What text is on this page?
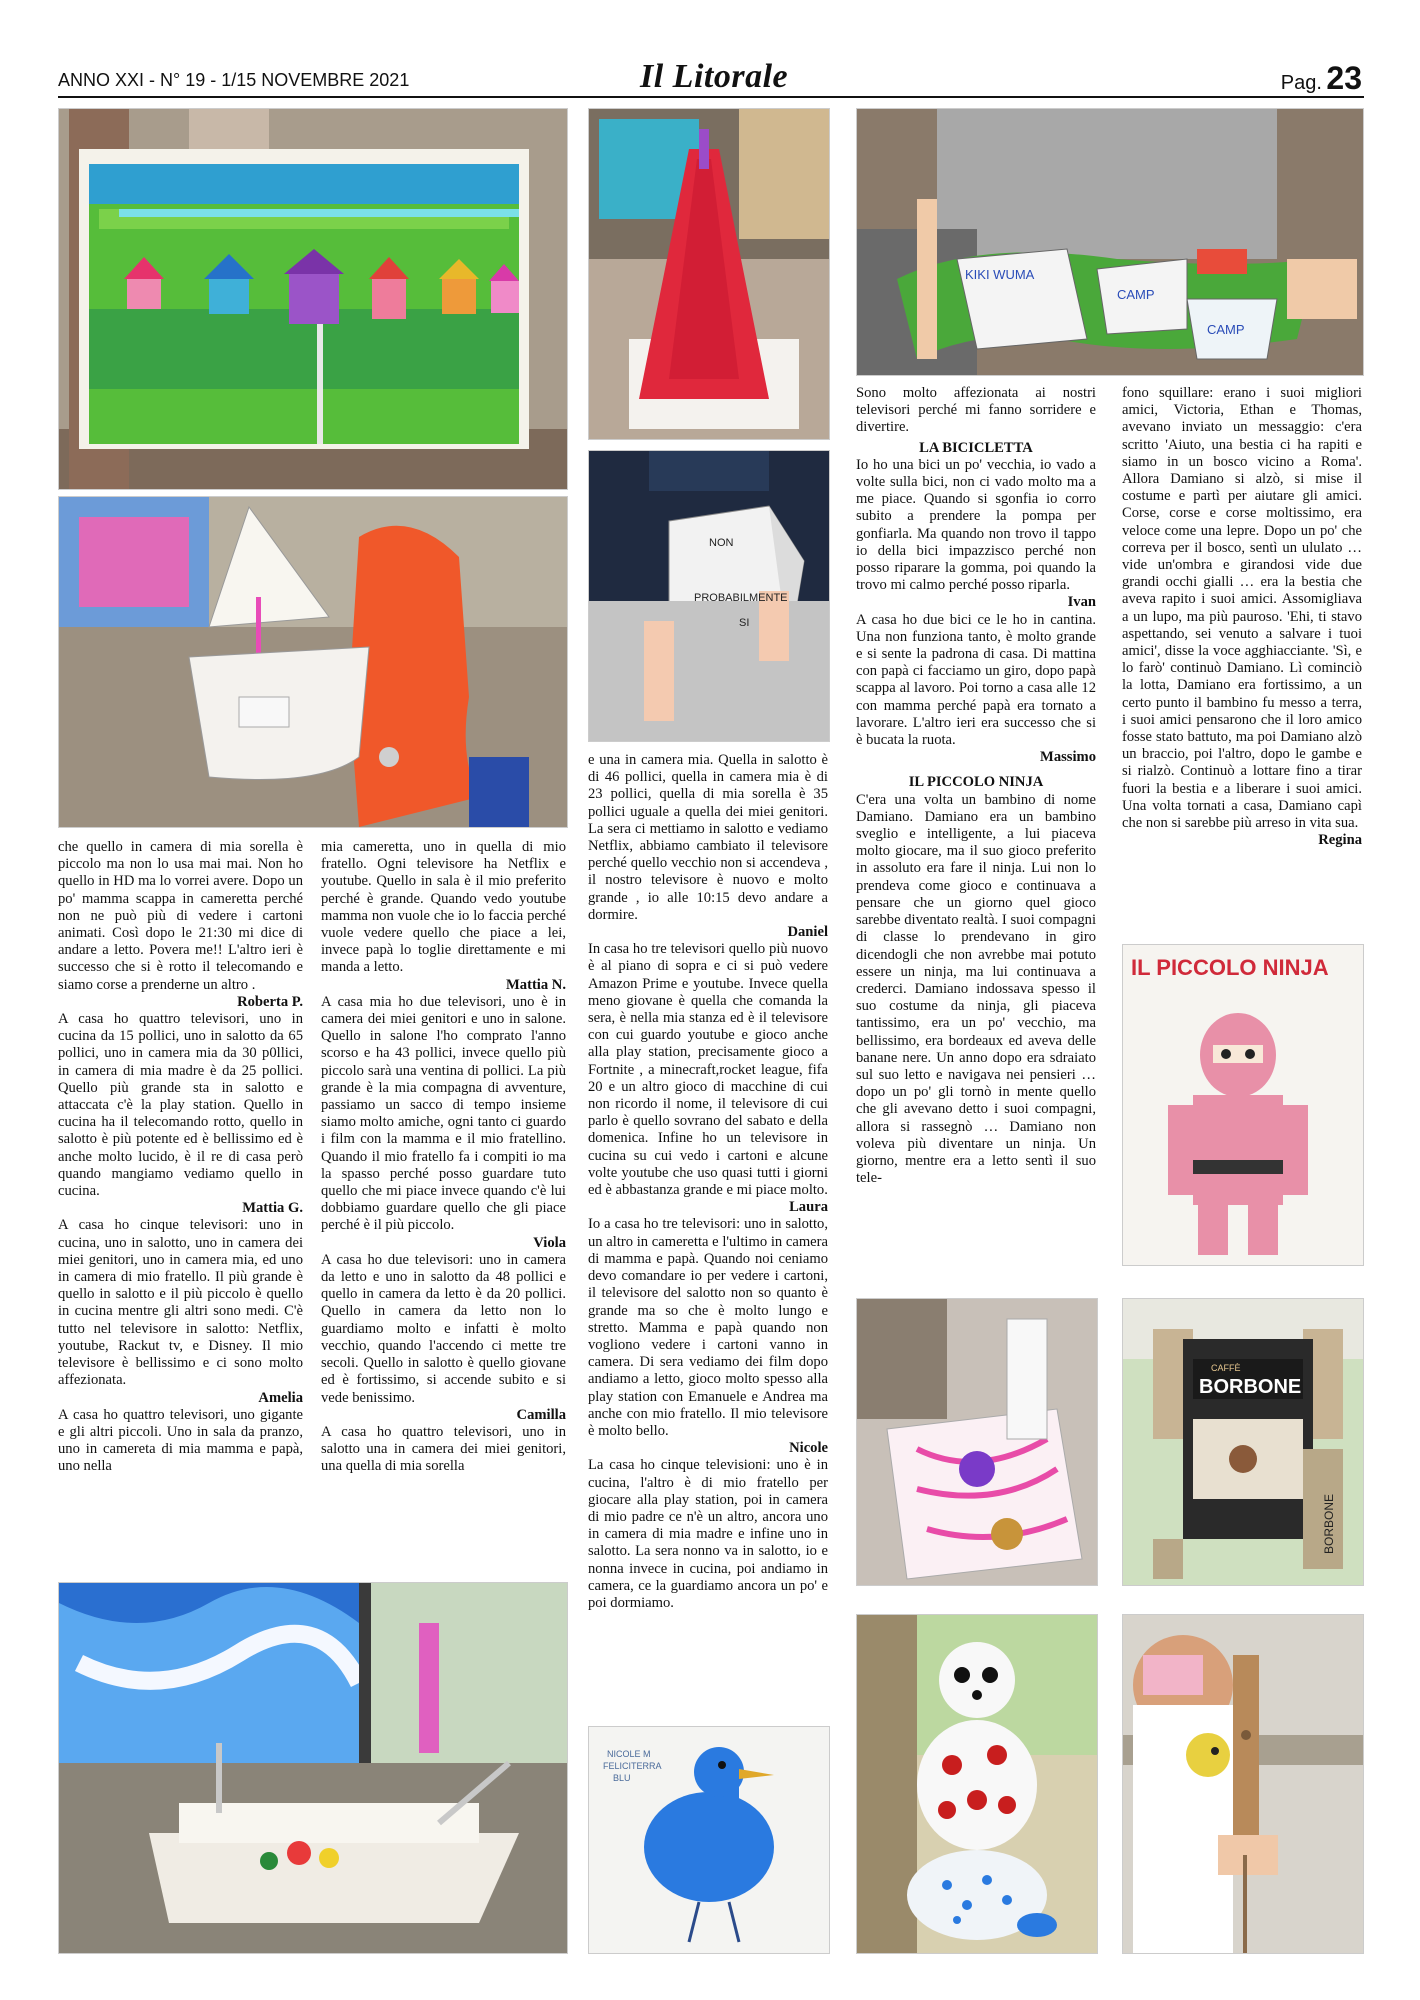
ANNO XXI - N° 19 - 1/15 NOVEMBRE 2021	Il Litorale	Pag. 23
NON
PROBABILMENTE
SI
KIKI WUMA
CAMP
CAMP
IL PICCOLO NINJA
CAFFÈ
BORBONE
BORBONE
NICOLE M
FELICITERRA
BLU

che quello in camera di mia sorella è piccolo ma non lo usa mai mai. Non ho quello in HD ma lo vorrei avere. Dopo un po' mamma scappa in cameretta perché non ne può più di vedere i cartoni animati. Così dopo le 21:30 mi dice di andare a letto. Povera me!! L'altro ieri è successo che si è rotto il telecomando e siamo corse a prenderne un altro .

Roberta P.

A casa ho quattro televisori, uno in cucina da 15 pollici, uno in salotto da 65 pollici, uno in camera mia da 30 p0llici, in camera di mia madre è da 25 pollici. Quello più grande sta in salotto e attaccata c'è la play station. Quello in cucina ha il telecomando rotto, quello in salotto è più potente ed è bellissimo ed è anche molto lucido, è il re di casa però quando mangiamo vediamo quello in cucina.

Mattia G.

A casa ho cinque televisori: uno in cucina, uno in salotto, uno in camera dei miei genitori, uno in camera mia, ed uno in camera di mio fratello. Il più grande è quello in salotto e il più piccolo è quello in cucina mentre gli altri sono medi. C'è tutto nel televisore in salotto: Netflix, youtube, Rackut tv, e Disney. Il mio televisore è bellissimo e ci sono molto affezionata.

Amelia

A casa ho quattro televisori, uno gigante e gli altri piccoli. Uno in sala da pranzo, uno in camereta di mia mamma e papà, uno nella

mia cameretta, uno in quella di mio fratello. Ogni televisore ha Netflix e youtube. Quello in sala è il mio preferito perché è grande. Quando vedo youtube mamma non vuole che io lo faccia perché vuole vedere quello che piace a lei, invece papà lo toglie direttamente e mi manda a letto.

Mattia N.

A casa mia ho due televisori, uno è in camera dei miei genitori e uno in salone. Quello in salone l'ho comprato l'anno scorso e ha 43 pollici, invece quello più piccolo sarà una ventina di pollici. La più grande è la mia compagna di avventure, passiamo un sacco di tempo insieme siamo molto amiche, ogni tanto ci guardo i film con la mamma e il mio fratellino. Quando il mio fratello fa i compiti io ma la spasso perché posso guardare tuto quello che mi piace invece quando c'è lui dobbiamo guardare quello che gli piace perché è il più piccolo.

Viola

A casa ho due televisori: uno in camera da letto e uno in salotto da 48 pollici e quello in camera da letto è da 20 pollici. Quello in camera da letto non lo guardiamo molto e infatti è molto vecchio, quando l'accendo ci mette tre secoli. Quello in salotto è quello giovane ed è fortissimo, si accende subito e si vede benissimo.

Camilla

A casa ho quattro televisori, uno in salotto una in camera dei miei genitori, una quella di mia sorella

e una in camera mia. Quella in salotto è di 46 pollici, quella in camera mia è di 23 pollici, quella di mia sorella è 35 pollici uguale a quella dei miei genitori. La sera ci mettiamo in salotto e vediamo Netflix, abbiamo cambiato il televisore perché quello vecchio non si accendeva , il nostro televisore è nuovo e molto grande , io alle 10:15 devo andare a dormire.

Daniel

In casa ho tre televisori quello più nuovo è al piano di sopra e ci si può vedere Amazon Prime e youtube. Invece quella meno giovane è quella che comanda la sera, è nella mia stanza ed è il televisore con cui guardo youtube e gioco anche alla play station, precisamente gioco a Fortnite , a minecraft,rocket league, fifa 20 e un altro gioco di macchine di cui non ricordo il nome, il televisore di cui parlo è quello sovrano del sabato e della domenica. Infine ho un televisore in cucina su cui vedo i cartoni e alcune volte youtube che uso quasi tutti i giorni ed è abbastanza grande e mi piace molto.

Laura

Io a casa ho tre televisori: uno in salotto, un altro in cameretta e l'ultimo in camera di mamma e papà. Quando noi ceniamo devo comandare io per vedere i cartoni, il televisore del salotto non so quanto è grande ma so che è molto lungo e stretto. Mamma e papà quando non vogliono vedere i cartoni vanno in camera. Di sera vediamo dei film dopo andiamo a letto, gioco molto spesso alla play station con Emanuele e Andrea ma anche con mio fratello. Il mio televisore è molto bello.

Nicole

La casa ho cinque televisioni: uno è in cucina, l'altro è di mio fratello per giocare alla play station, poi in camera di mio padre ce n'è un altro, ancora uno in camera di mia madre e infine uno in salotto. La sera nonno va in salotto, io e nonna invece in cucina, poi andiamo in camera, ce la guardiamo ancora un po' e poi dormiamo.

Sono molto affezionata ai nostri televisori perché mi fanno sorridere e divertire.

LA BICICLETTA

Io ho una bici un po' vecchia, io vado a volte sulla bici, non ci vado molto ma a me piace. Quando si sgonfia io corro subito a prendere la pompa per gonfiarla. Ma quando non trovo il tappo io della bici impazzisco perché non posso riparare la gomma, poi quando la trovo mi calmo perché posso riparla.

Ivan

A casa ho due bici ce le ho in cantina. Una non funziona tanto, è molto grande e si sente la padrona di casa. Di mattina con papà ci facciamo un giro, dopo papà scappa al lavoro. Poi torno a casa alle 12 con mamma perché papà era tornato a lavorare. L'altro ieri era successo che si è bucata la ruota.

Massimo
IL PICCOLO NINJA

C'era una volta un bambino di nome Damiano. Damiano era un bambino sveglio e intelligente, a lui piaceva molto giocare, ma il suo gioco preferito in assoluto era fare il ninja. Lui non lo prendeva come gioco e continuava a pensare che un giorno quel gioco sarebbe diventato realtà. I suoi compagni di classe lo prendevano in giro dicendogli che non avrebbe mai potuto essere un ninja, ma lui continuava a crederci. Damiano indossava spesso il suo costume da ninja, gli piaceva tantissimo, era un po' vecchio, ma bellissimo, era bordeaux ed aveva delle banane nere. Un anno dopo era sdraiato sul suo letto e navigava nei pensieri … dopo un po' gli tornò in mente quello che gli avevano detto i suoi compagni, allora si rassegnò … Damiano non voleva più diventare un ninja. Un giorno, mentre era a letto sentì il suo tele-

fono squillare: erano i suoi migliori amici, Victoria, Ethan e Thomas, avevano inviato un messaggio: c'era scritto 'Aiuto, una bestia ci ha rapiti e siamo in un bosco vicino a Roma'. Allora Damiano si alzò, si mise il costume e partì per aiutare gli amici. Corse, corse e corse moltissimo, era veloce come una lepre. Dopo un po' che correva per il bosco, sentì un ululato … vide un'ombra e girandosi vide due grandi occhi gialli … era la bestia che aveva rapito i suoi amici. Assomigliava a un lupo, ma più pauroso. 'Ehi, ti stavo aspettando, sei venuto a salvare i tuoi amici', disse la voce agghiacciante. 'Sì, e lo farò' continuò Damiano. Lì cominciò la lotta, Damiano era fortissimo, a un certo punto il bambino fu messo a terra, i suoi amici pensarono che il loro amico fosse stato battuto, ma poi Damiano alzò un braccio, poi l'altro, dopo le gambe e si rialzò. Continuò a lottare fino a tirar fuori la bestia e a liberare i suoi amici. Una volta tornati a casa, Damiano capì che non si sarebbe più arreso in vita sua.

Regina
